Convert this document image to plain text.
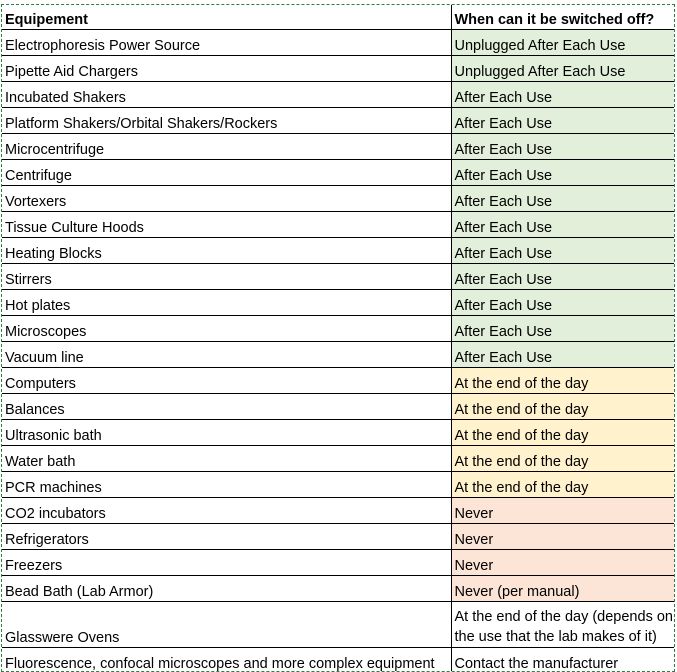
Equipement	When can it be switched off?
Electrophoresis Power Source	Unplugged After Each Use
Pipette Aid Chargers	Unplugged After Each Use
Incubated Shakers	After Each Use
Platform Shakers/Orbital Shakers/Rockers	After Each Use
Microcentrifuge	After Each Use
Centrifuge	After Each Use
Vortexers	After Each Use
Tissue Culture Hoods	After Each Use
Heating Blocks	After Each Use
Stirrers	After Each Use
Hot plates	After Each Use
Microscopes	After Each Use
Vacuum line	After Each Use
Computers	At the end of the day
Balances	At the end of the day
Ultrasonic bath	At the end of the day
Water bath	At the end of the day
PCR machines	At the end of the day
CO2 incubators	Never
Refrigerators	Never
Freezers	Never
Bead Bath (Lab Armor)	Never (per manual)
Glasswere Ovens	At the end of the day (depends on the use that the lab makes of it)
Fluorescence, confocal microscopes and more complex equipment	Contact the manufacturer
